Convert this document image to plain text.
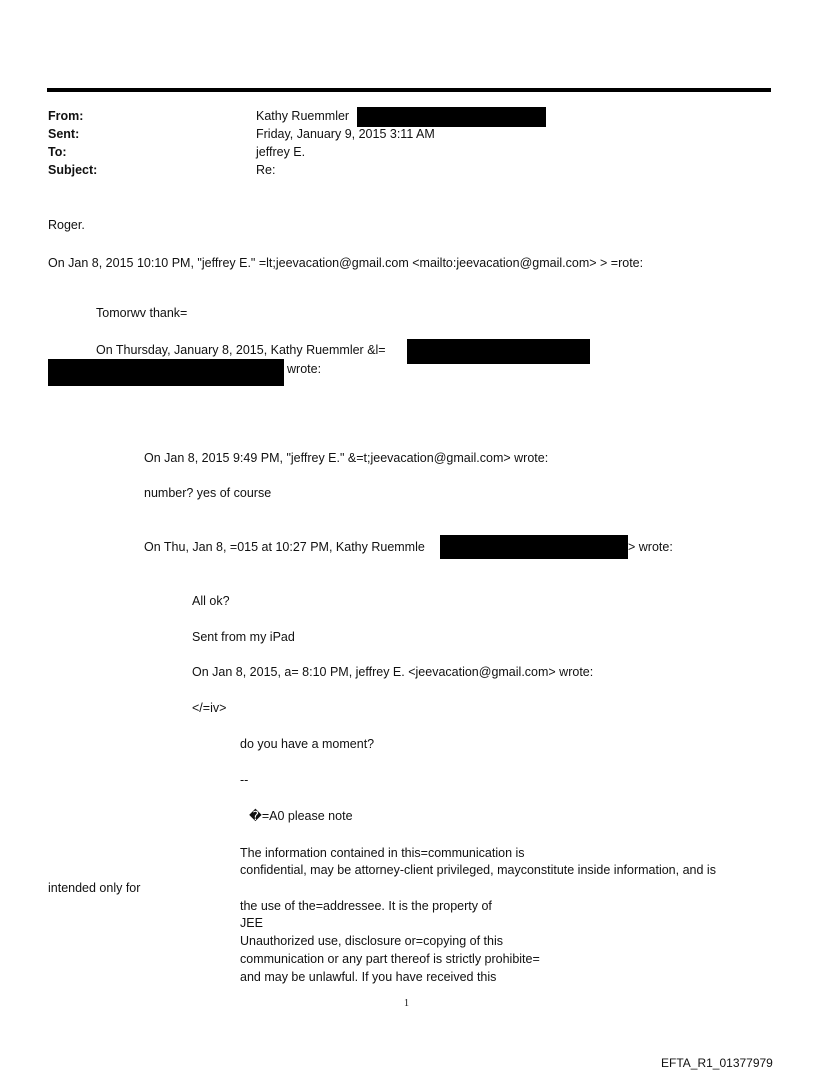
From:	Kathy Ruemmler
Sent:	Friday, January 9, 2015 3:11 AM
To:	jeffrey E.
Subject:	Re:
Roger.
On Jan 8, 2015 10:10 PM, "jeffrey E." =lt;jeevacation@gmail.com <mailto:jeevacation@gmail.com> > =rote:
Tomorwv thank=
On Thursday, January 8, 2015, Kathy Ruemmler &l=
wrote:
On Jan 8, 2015 9:49 PM, "jeffrey E." &=t;jeevacation@gmail.com> wrote:
number? yes of course
On Thu, Jan 8, =015 at 10:27 PM, Kathy Ruemmle	> wrote:
All ok?
Sent from my iPad
On Jan 8, 2015, a= 8:10 PM, jeffrey E. <jeevacation@gmail.com> wrote:
</=iv>
do you have a moment?
--
�=A0 please note
The information contained in this=communication is
confidential, may be attorney-client privileged, mayconstitute inside information, and is
intended only for
the use of the=addressee. It is the property of
JEE
Unauthorized use, disclosure or=copying of this
communication or any part thereof is strictly prohibite=
and may be unlawful. If you have received this
1
EFTA_R1_01377979
